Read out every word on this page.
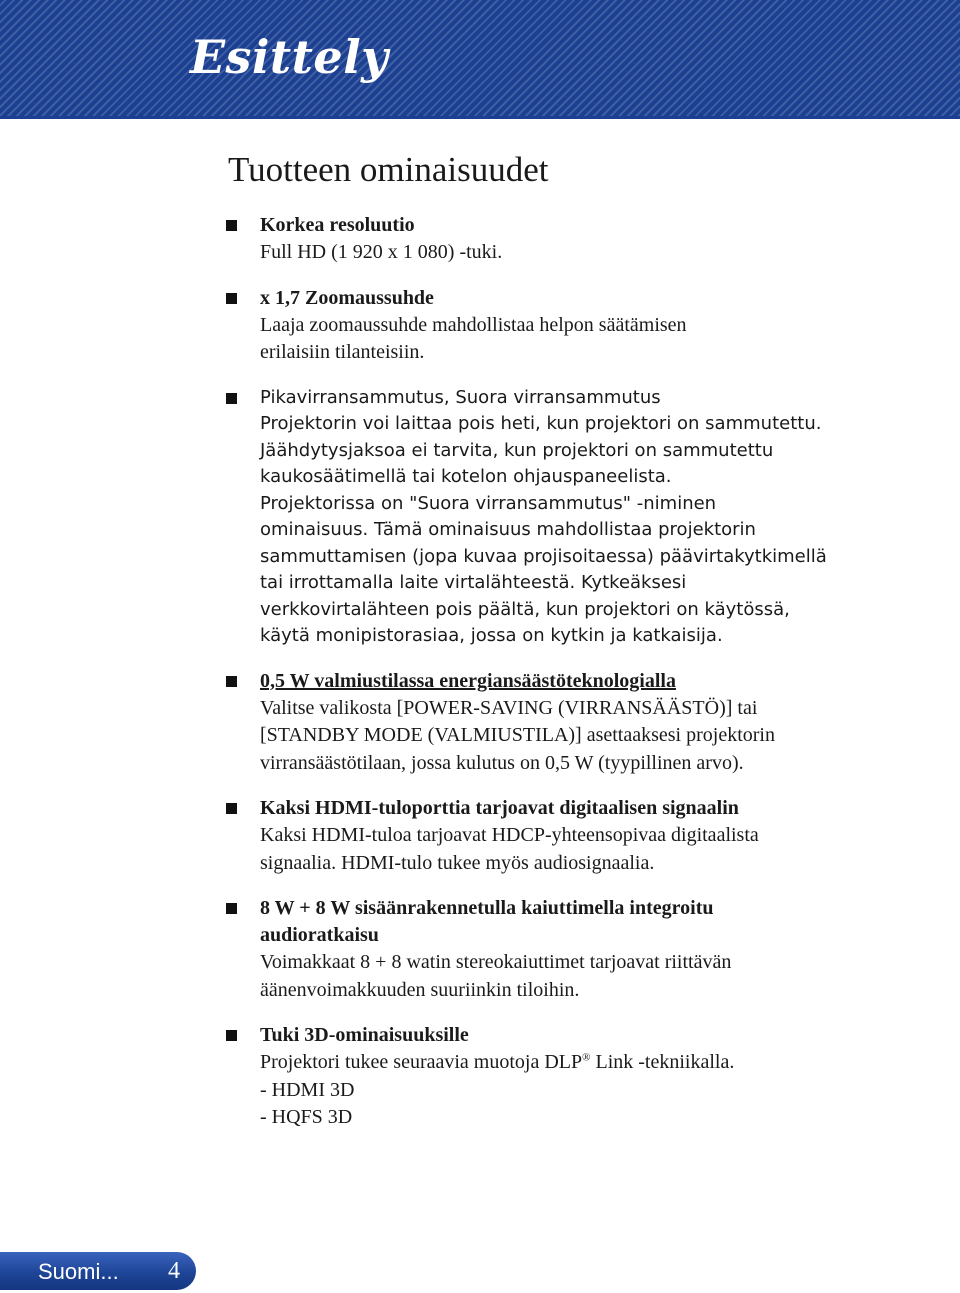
Esittely
Tuotteen ominaisuudet
Korkea resoluutio
Full HD (1 920 x 1 080) -tuki.
x 1,7 Zoomaussuhde
Laaja zoomaussuhde mahdollistaa helpon säätämisen
erilaisiin tilanteisiin.
Pikavirransammutus, Suora virransammutus
Projektorin voi laittaa pois heti, kun projektori on sammutettu.
Jäähdytysjaksoa ei tarvita, kun projektori on sammutettu
kaukosäätimellä tai kotelon ohjauspaneelista.
Projektorissa on "Suora virransammutus" -niminen
ominaisuus. Tämä ominaisuus mahdollistaa projektorin
sammuttamisen (jopa kuvaa projisoitaessa) päävirtakytkimellä
tai irrottamalla laite virtalähteestä. Kytkeäksesi
verkkovirtalähteen pois päältä, kun projektori on käytössä,
käytä monipistorasiaa, jossa on kytkin ja katkaisija.
0,5 W valmiustilassa energiansäästöteknologialla
Valitse valikosta [POWER-SAVING (VIRRANSÄÄSTÖ)] tai
[STANDBY MODE (VALMIUSTILA)] asettaaksesi projektorin
virransäästötilaan, jossa kulutus on 0,5 W (tyypillinen arvo).
Kaksi HDMI-tuloporttia tarjoavat digitaalisen signaalin
Kaksi HDMI-tuloa tarjoavat HDCP-yhteensopivaa digitaalista
signaalia. HDMI-tulo tukee myös audiosignaalia.
8 W + 8 W sisäänrakennetulla kaiuttimella integroitu
audioratkaisu
Voimakkaat 8 + 8 watin stereokaiuttimet tarjoavat riittävän
äänenvoimakkuuden suuriinkin tiloihin.
Tuki 3D-ominaisuuksille
Projektori tukee seuraavia muotoja DLP® Link -tekniikalla.
- HDMI 3D
- HQFS 3D
Suomi... 4
